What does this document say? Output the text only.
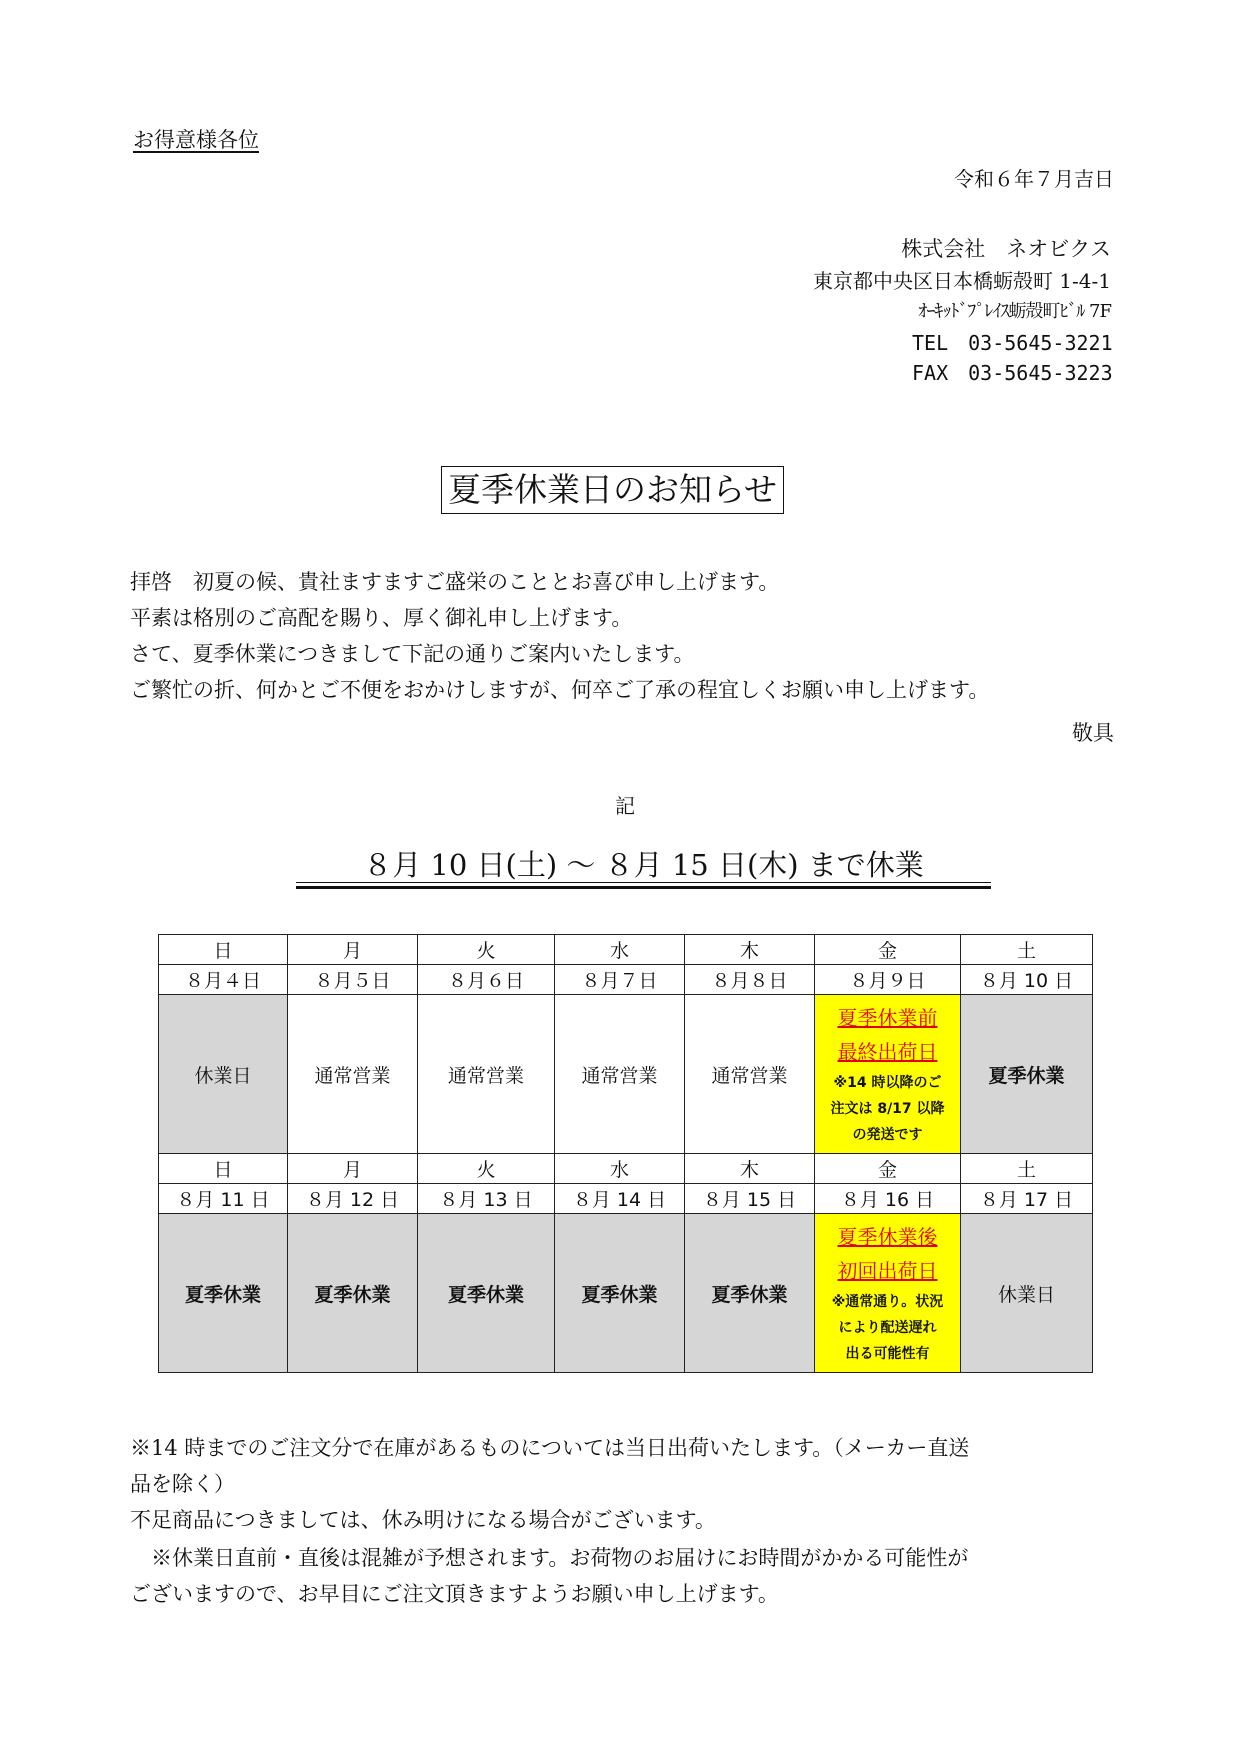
お得意様各位
令和６年７月吉日
株式会社　ネオビクス
東京都中央区日本橋蛎殻町 1-4-1
ｵｰｷｯﾄﾞﾌﾟﾚｲｽ蛎殻町ﾋﾞﾙ 7F
TEL　03-5645-3221
FAX　03-5645-3223
夏季休業日のお知らせ
拝啓　初夏の候、貴社ますますご盛栄のこととお喜び申し上げます。
平素は格別のご高配を賜り、厚く御礼申し上げます。
さて、夏季休業につきまして下記の通りご案内いたします。
ご繁忙の折、何かとご不便をおかけしますが、何卒ご了承の程宜しくお願い申し上げます。
敬具
記
８月 10 日(土) ～ ８月 15 日(木) まで休業
日	月	火	水	木	金	土
８月４日	８月５日	８月６日	８月７日	８月８日	８月９日	８月 10 日
休業日	通常営業	通常営業	通常営業	通常営業	夏季休業前
最終出荷日
※14 時以降のご
注文は 8/17 以降
の発送です	夏季休業
日	月	火	水	木	金	土
８月 11 日	８月 12 日	８月 13 日	８月 14 日	８月 15 日	８月 16 日	８月 17 日
夏季休業	夏季休業	夏季休業	夏季休業	夏季休業	夏季休業後
初回出荷日
※通常通り。状況
により配送遅れ
出る可能性有	休業日
※14 時までのご注文分で在庫があるものについては当日出荷いたします。（メーカー直送
品を除く）
不足商品につきましては、休み明けになる場合がございます。
　※休業日直前・直後は混雑が予想されます。お荷物のお届けにお時間がかかる可能性が
ございますので、お早目にご注文頂きますようお願い申し上げます。
